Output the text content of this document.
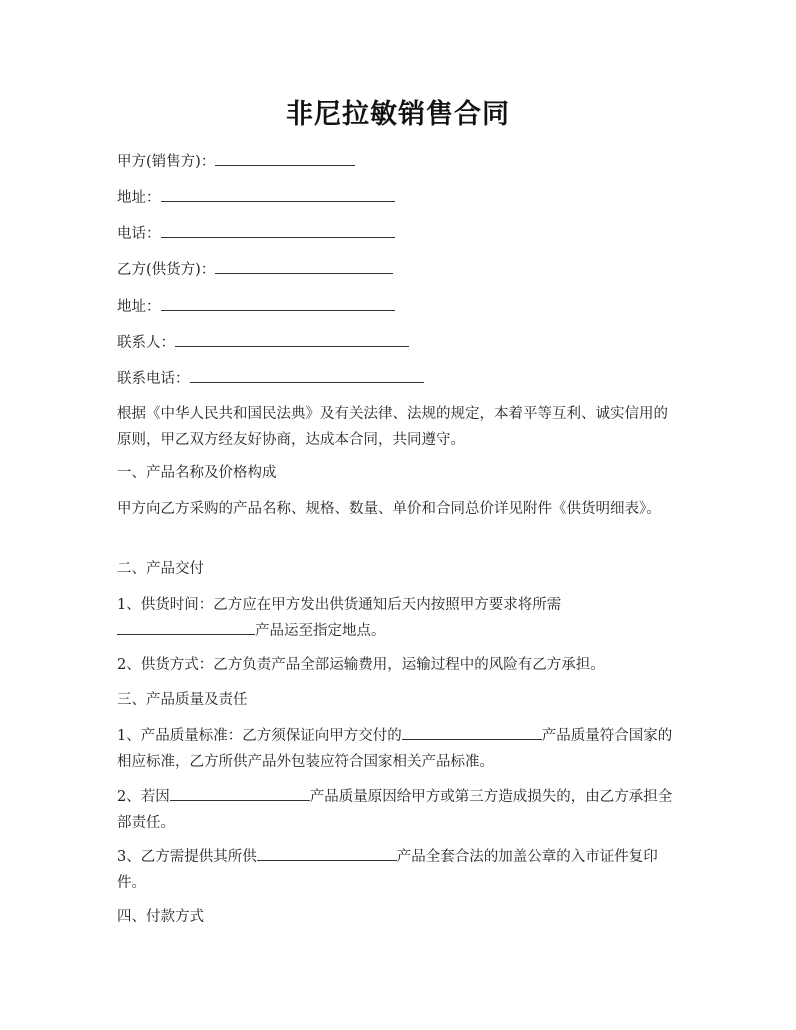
非尼拉敏销售合同
甲方(销售方)：
地址：
电话：
乙方(供货方)：
地址：
联系人：
联系电话：
根据《中华人民共和国民法典》及有关法律、法规的规定，本着平等互利、诚实信用的原则，甲乙双方经友好协商，达成本合同，共同遵守。
一、产品名称及价格构成
甲方向乙方采购的产品名称、规格、数量、单价和合同总价详见附件《供货明细表》。
二、产品交付
1、供货时间：乙方应在甲方发出供货通知后天内按照甲方要求将所需
产品运至指定地点。
2、供货方式：乙方负责产品全部运输费用，运输过程中的风险有乙方承担。
三、产品质量及责任
1、产品质量标准：乙方须保证向甲方交付的	产品质量符合国家的相应标准，乙方所供产品外包装应符合国家相关产品标准。
2、若因	产品质量原因给甲方或第三方造成损失的，由乙方承担全部责任。
3、乙方需提供其所供	产品全套合法的加盖公章的入市证件复印件。
四、付款方式
